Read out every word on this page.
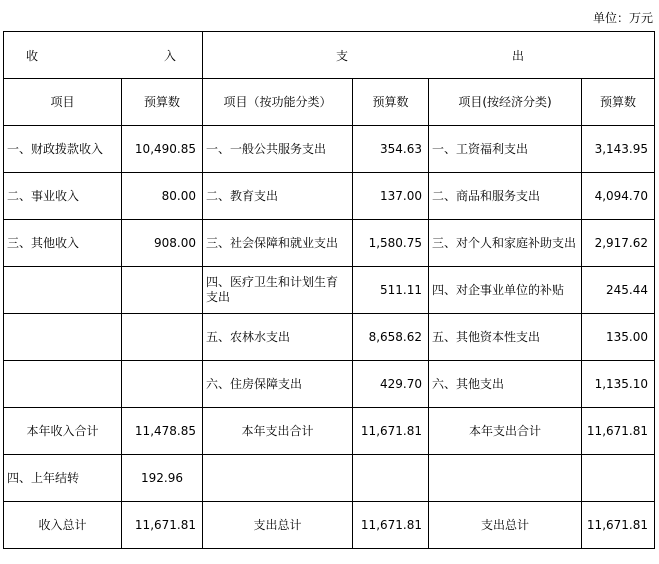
单位：万元
收 入		支 出			

项目	预算数	项目（按功能分类）	预算数	项目(按经济分类)	预算数
一、财政拨款收入	10,490.85	一、一般公共服务支出	354.63	一、工资福利支出	3,143.95
二、事业收入	80.00	二、教育支出	137.00	二、商品和服务支出	4,094.70
三、其他收入	908.00	三、社会保障和就业支出	1,580.75	三、对个人和家庭补助支出	2,917.62
		四、医疗卫生和计划生育支出	511.11	四、对企事业单位的补贴	245.44
		五、农林水支出	8,658.62	五、其他资本性支出	135.00
		六、住房保障支出	429.70	六、其他支出	1,135.10
本年收入合计	11,478.85	本年支出合计	11,671.81	本年支出合计	11,671.81
四、上年结转	192.96				
收入总计	11,671.81	支出总计	11,671.81	支出总计	11,671.81
